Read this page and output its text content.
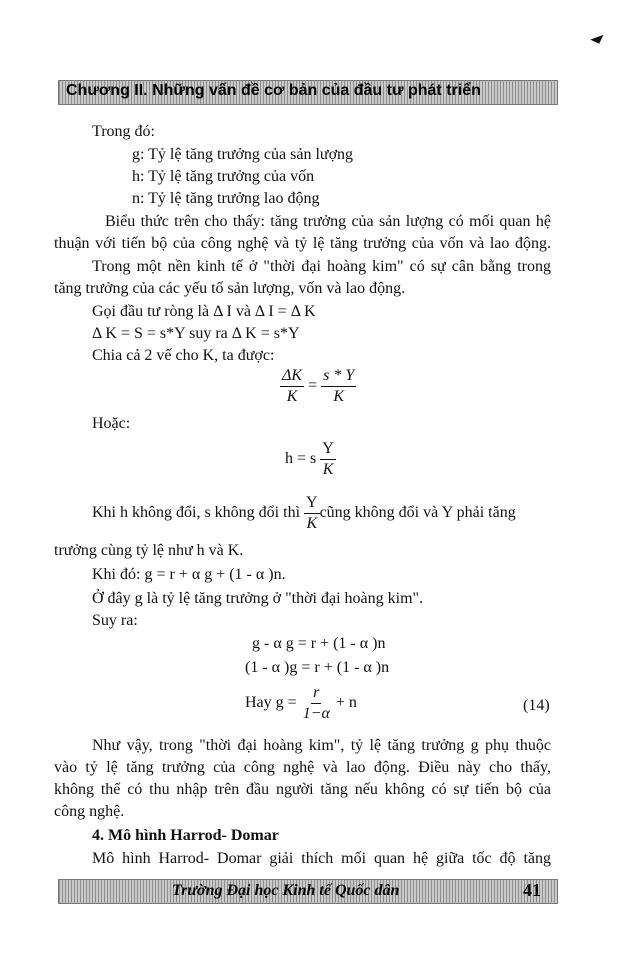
Chương II. Những vấn đề cơ bản của đầu tư phát triển
Trong đó:
g: Tỷ lệ tăng trưởng của sản lượng
h: Tỷ lệ tăng trưởng của vốn
n: Tỷ lệ tăng trưởng lao động
Biểu thức trên cho thấy: tăng trưởng của sản lượng có mối quan hệ
thuận với tiến bộ của công nghệ và tỷ lệ tăng trưởng của vốn và lao động.
Trong một nền kinh tế ở "thời đại hoàng kim" có sự cân bằng trong
tăng trưởng của các yếu tố sản lượng, vốn và lao động.
Gọi đầu tư ròng là Δ I và Δ I = Δ K
Δ K = S = s*Y suy ra Δ K = s*Y
Chia cả 2 vế cho K, ta được:
$\frac{\Delta K}{K} = \frac{s * Y}{K}$
Hoặc:
h = s $\frac{Y}{K}$
Khi h không đổi, s không đổi thì $\frac{Y}{K}$ cũng không đổi và Y phải tăng
trưởng cùng tỷ lệ như h và K.
Khi đó: g = r + α g + (1 - α )n.
Ở đây g là tỷ lệ tăng trưởng ở "thời đại hoàng kim".
Suy ra:
g - α g = r + (1 - α )n
(1 - α )g = r + (1 - α )n
Hay $g = \frac{r}{1-\alpha} + n$	(14)
Như vậy, trong "thời đại hoàng kim", tỷ lệ tăng trưởng g phụ thuộc
vào tỷ lệ tăng trưởng của công nghệ và lao động. Điều này cho thấy,
không thể có thu nhập trên đầu người tăng nếu không có sự tiến bộ của
công nghệ.
4. Mô hình Harrod- Domar
Mô hình Harrod- Domar giải thích mối quan hệ giữa tốc độ tăng
Trường Đại học Kinh tế Quốc dân	41
